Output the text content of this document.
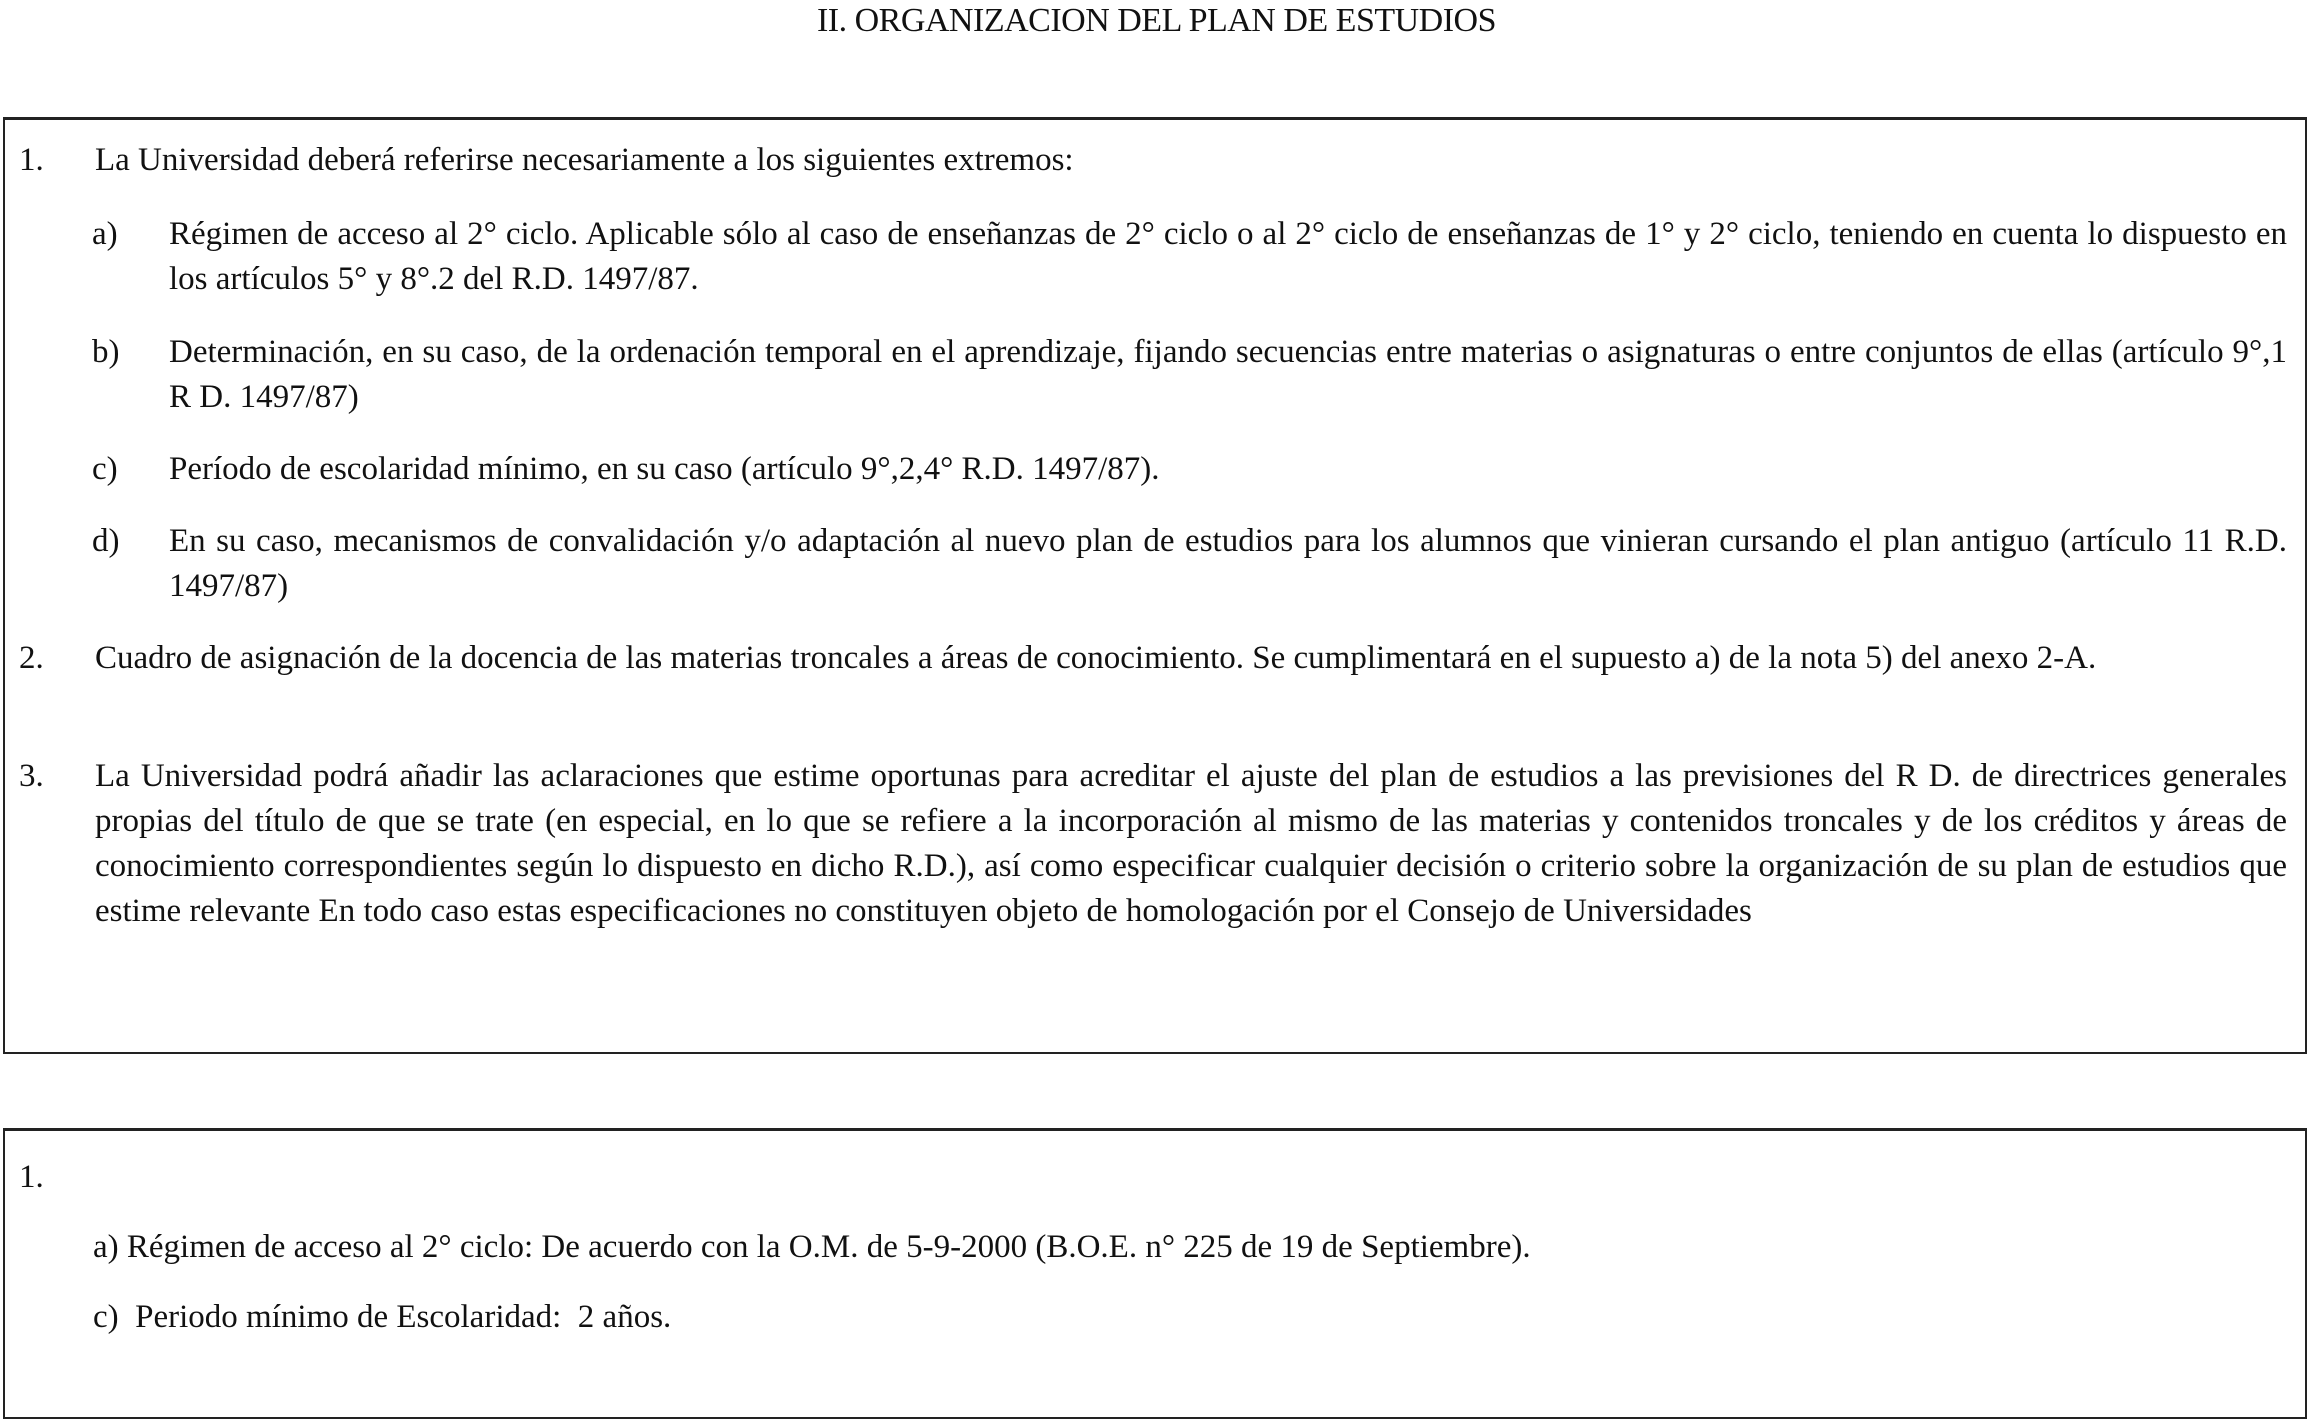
II. ORGANIZACION DEL PLAN DE ESTUDIOS
1. La Universidad deberá referirse necesariamente a los siguientes extremos:
a) Régimen de acceso al 2° ciclo. Aplicable sólo al caso de enseñanzas de 2° ciclo o al 2° ciclo de enseñanzas de 1° y 2° ciclo, teniendo en cuenta lo dispuesto en los artículos 5° y 8°.2 del R.D. 1497/87.
b) Determinación, en su caso, de la ordenación temporal en el aprendizaje, fijando secuencias entre materias o asignaturas o entre conjuntos de ellas (artículo 9°,1 R D. 1497/87)
c) Período de escolaridad mínimo, en su caso (artículo 9°,2,4° R.D. 1497/87).
d) En su caso, mecanismos de convalidación y/o adaptación al nuevo plan de estudios para los alumnos que vinieran cursando el plan antiguo (artículo 11 R.D. 1497/87)
2. Cuadro de asignación de la docencia de las materias troncales a áreas de conocimiento. Se cumplimentará en el supuesto a) de la nota 5) del anexo 2-A.
3. La Universidad podrá añadir las aclaraciones que estime oportunas para acreditar el ajuste del plan de estudios a las previsiones del R D. de directrices generales propias del título de que se trate (en especial, en lo que se refiere a la incorporación al mismo de las materias y contenidos troncales y de los créditos y áreas de conocimiento correspondientes según lo dispuesto en dicho R.D.), así como especificar cualquier decisión o criterio sobre la organización de su plan de estudios que estime relevante En todo caso estas especificaciones no constituyen objeto de homologación por el Consejo de Universidades
1.
a) Régimen de acceso al 2° ciclo: De acuerdo con la O.M. de 5-9-2000 (B.O.E. n° 225 de 19 de Septiembre).
c)  Periodo mínimo de Escolaridad:  2 años.
